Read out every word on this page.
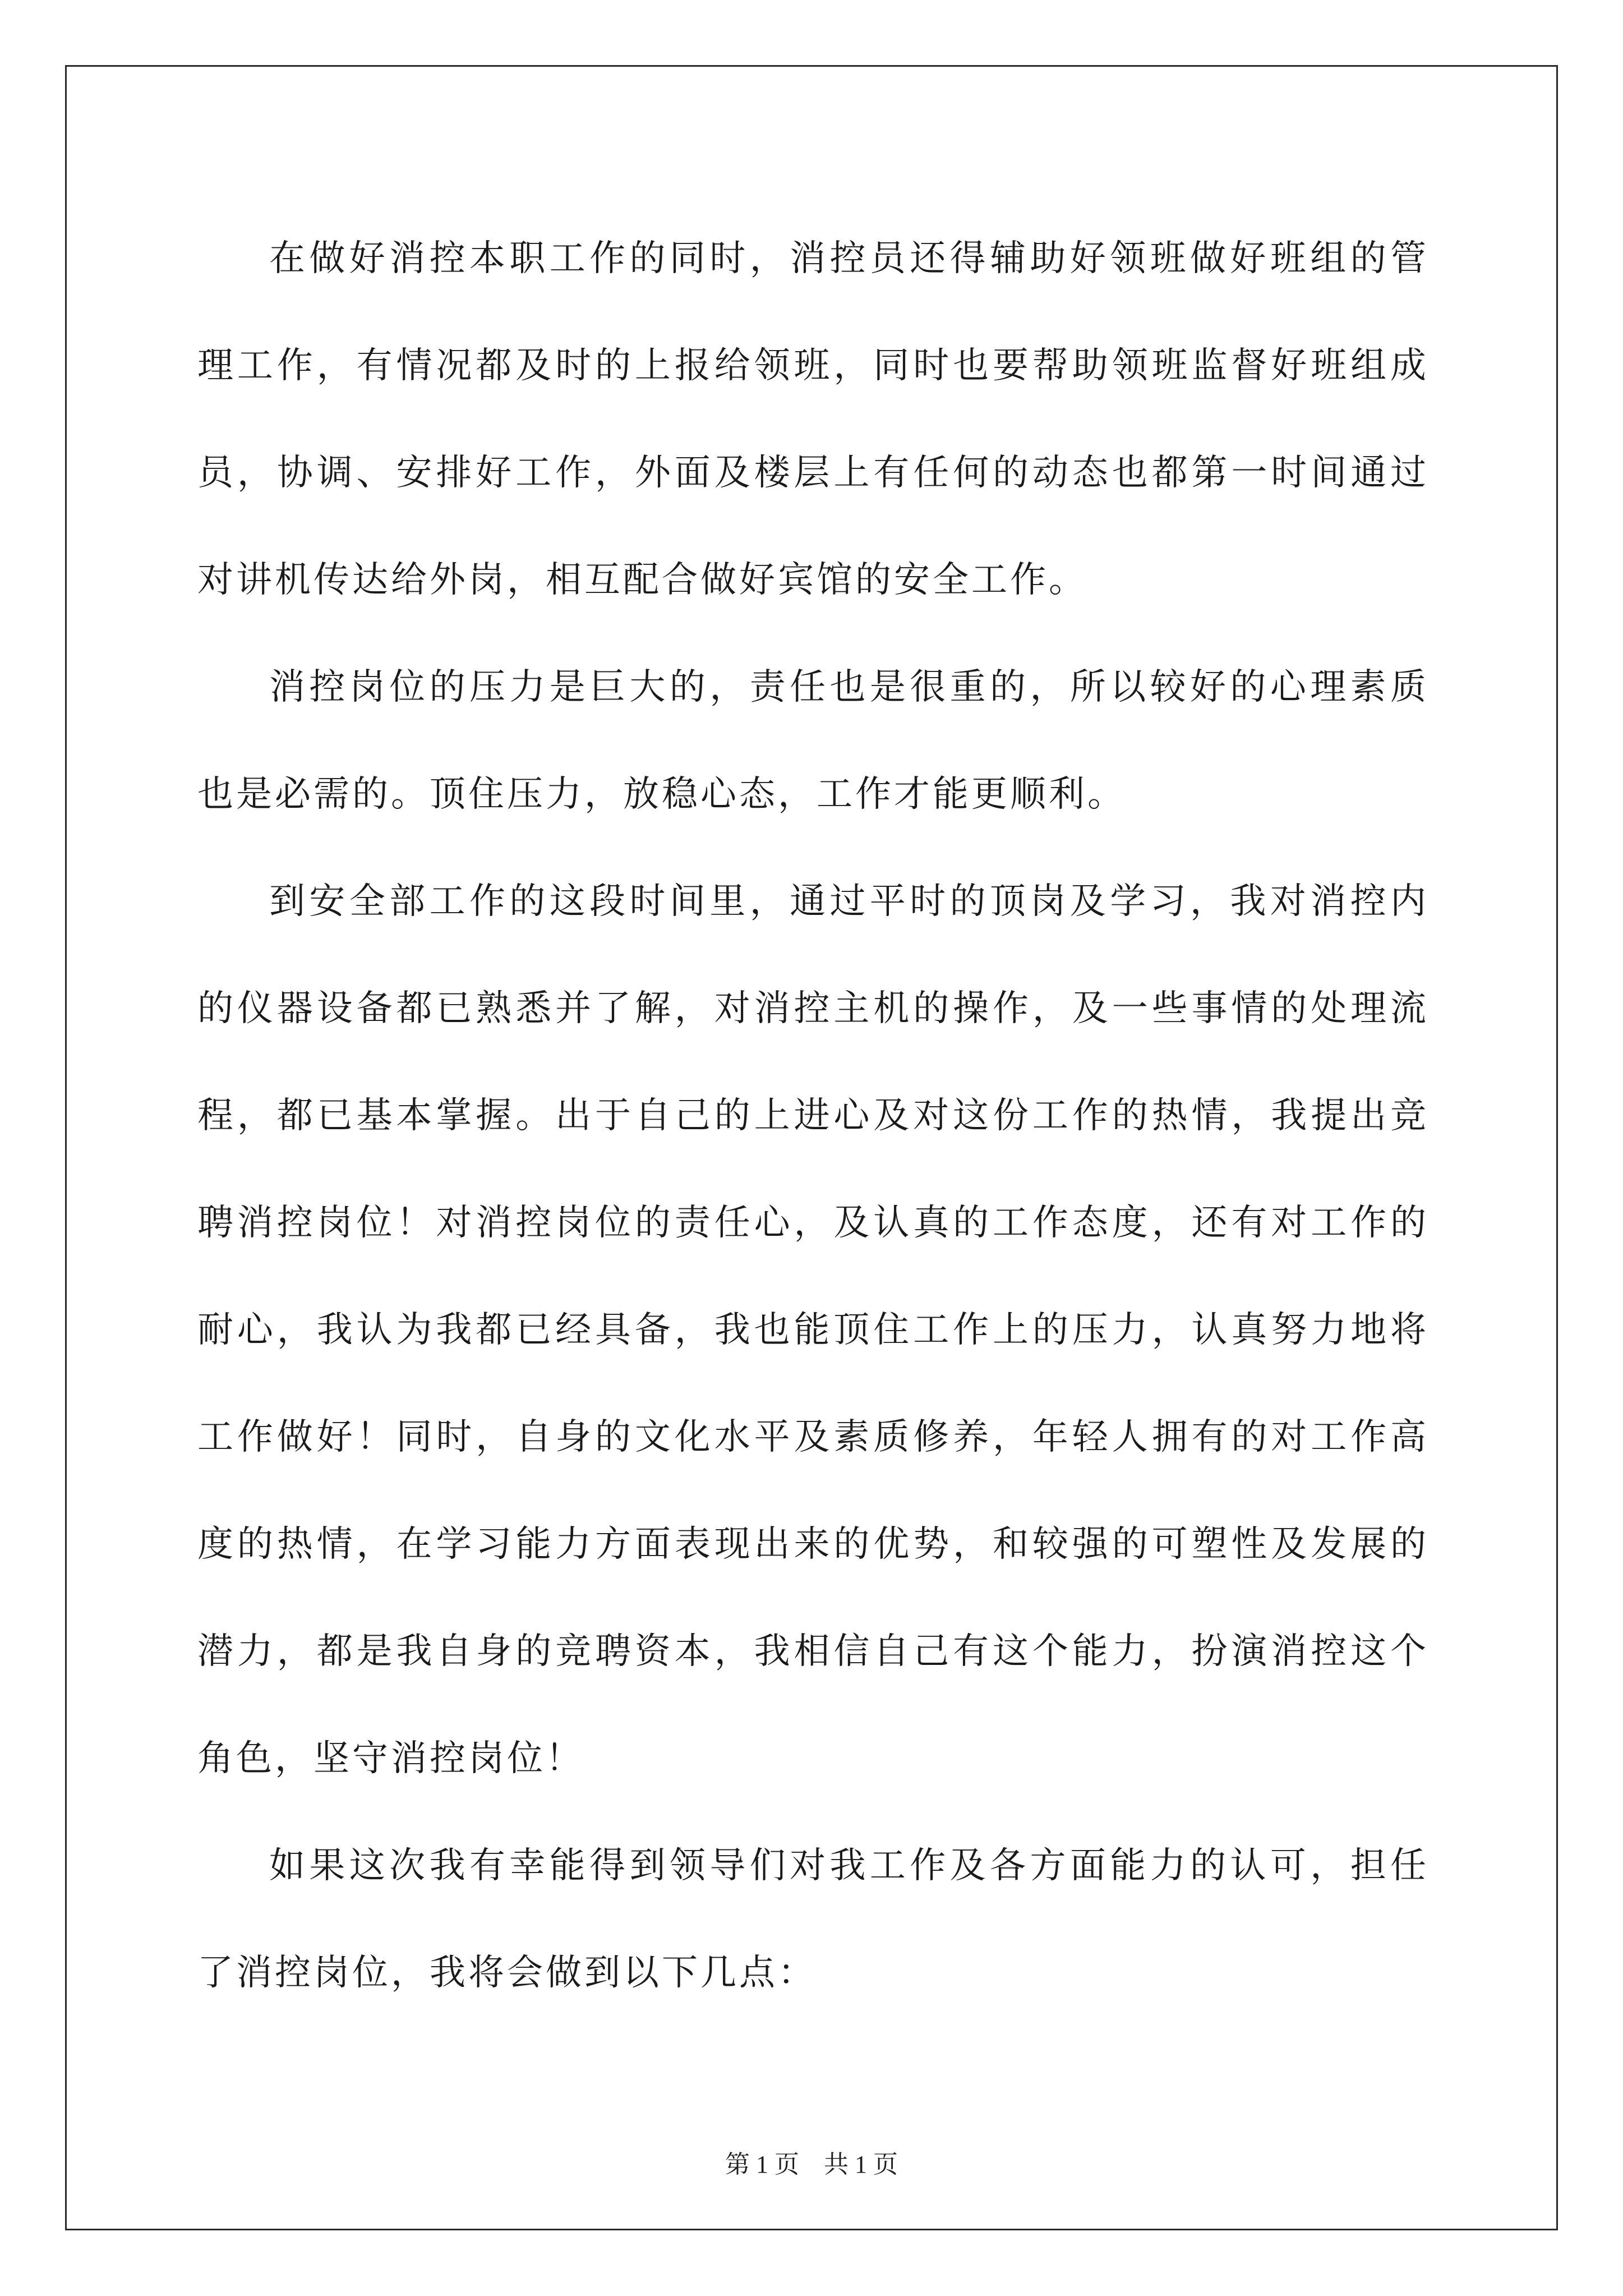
在做好消控本职工作的同时，消控员还得辅助好领班做好班组的管理工作，有情况都及时的上报给领班，同时也要帮助领班监督好班组成员，协调、安排好工作，外面及楼层上有任何的动态也都第一时间通过对讲机传达给外岗，相互配合做好宾馆的安全工作。

消控岗位的压力是巨大的，责任也是很重的，所以较好的心理素质也是必需的。顶住压力，放稳心态，工作才能更顺利。

到安全部工作的这段时间里，通过平时的顶岗及学习，我对消控内的仪器设备都已熟悉并了解，对消控主机的操作，及一些事情的处理流程，都已基本掌握。出于自己的上进心及对这份工作的热情，我提出竞聘消控岗位！对消控岗位的责任心，及认真的工作态度，还有对工作的耐心，我认为我都已经具备，我也能顶住工作上的压力，认真努力地将工作做好！同时，自身的文化水平及素质修养，年轻人拥有的对工作高度的热情，在学习能力方面表现出来的优势，和较强的可塑性及发展的潜力，都是我自身的竞聘资本，我相信自己有这个能力，扮演消控这个角色，坚守消控岗位！

如果这次我有幸能得到领导们对我工作及各方面能力的认可，担任了消控岗位，我将会做到以下几点：

第 1 页　共 1 页
